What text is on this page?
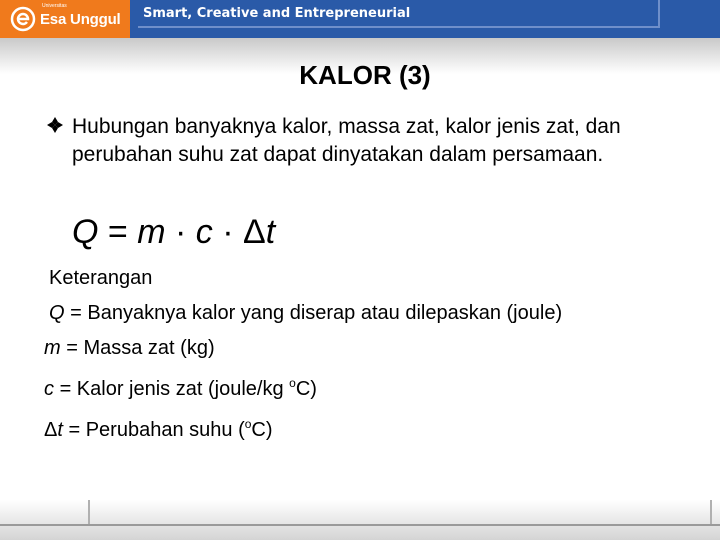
Universitas
Esa Unggul Smart, Creative and Entrepreneurial
KALOR (3)
Hubungan banyaknya kalor, massa zat, kalor jenis zat, dan perubahan suhu zat dapat dinyatakan dalam persamaan.
Q = m · c · Δt
Keterangan
Q = Banyaknya kalor yang diserap atau dilepaskan (joule)
m = Massa zat (kg)
c = Kalor jenis zat (joule/kg $^o$C)
Δt = Perubahan suhu ($^o$C)
